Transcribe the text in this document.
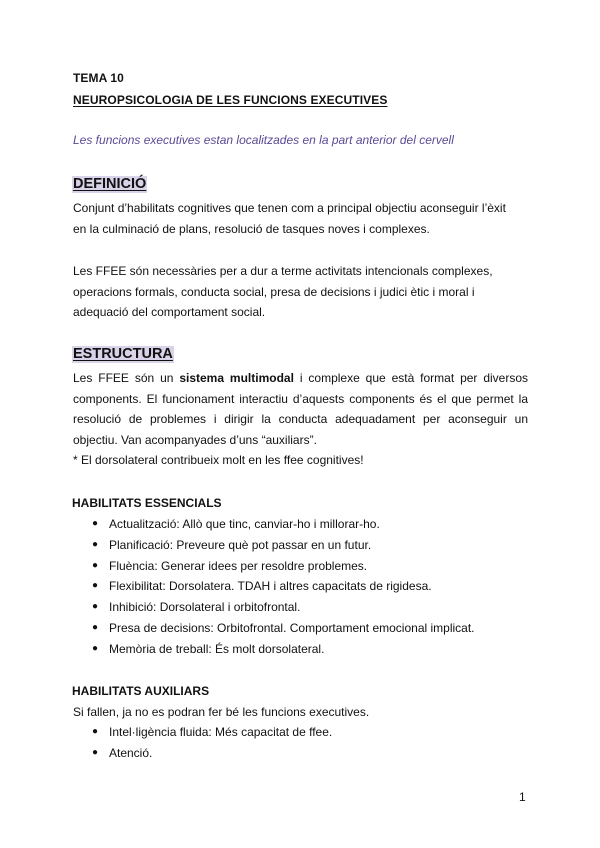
TEMA 10
NEUROPSICOLOGIA DE LES FUNCIONS EXECUTIVES
Les funcions executives estan localitzades en la part anterior del cervell
DEFINICIÓ
Conjunt d’habilitats cognitives que tenen com a principal objectiu aconseguir l’èxit
en la culminació de plans, resolució de tasques noves i complexes.
Les FFEE són necessàries per a dur a terme activitats intencionals complexes,
operacions formals, conducta social, presa de decisions i judici ètic i moral i
adequació del comportament social.
ESTRUCTURA
Les FFEE són un sistema multimodal i complexe que està format per diversos components. El funcionament interactiu d’aquests components és el que permet la resolució de problemes i dirigir la conducta adequadament per aconseguir un objectiu. Van acompanyades d’uns “auxiliars”.
* El dorsolateral contribueix molt en les ffee cognitives!
HABILITATS ESSENCIALS
● Actualització: Allò que tinc, canviar-ho i millorar-ho.
● Planificació: Preveure què pot passar en un futur.
● Fluència: Generar idees per resoldre problemes.
● Flexibilitat: Dorsolatera. TDAH i altres capacitats de rigidesa.
● Inhibició: Dorsolateral i orbitofrontal.
● Presa de decisions: Orbitofrontal. Comportament emocional implicat.
● Memòria de treball: És molt dorsolateral.
HABILITATS AUXILIARS
Si fallen, ja no es podran fer bé les funcions executives.
● Intel·ligència fluida: Més capacitat de ffee.
● Atenció.
1
